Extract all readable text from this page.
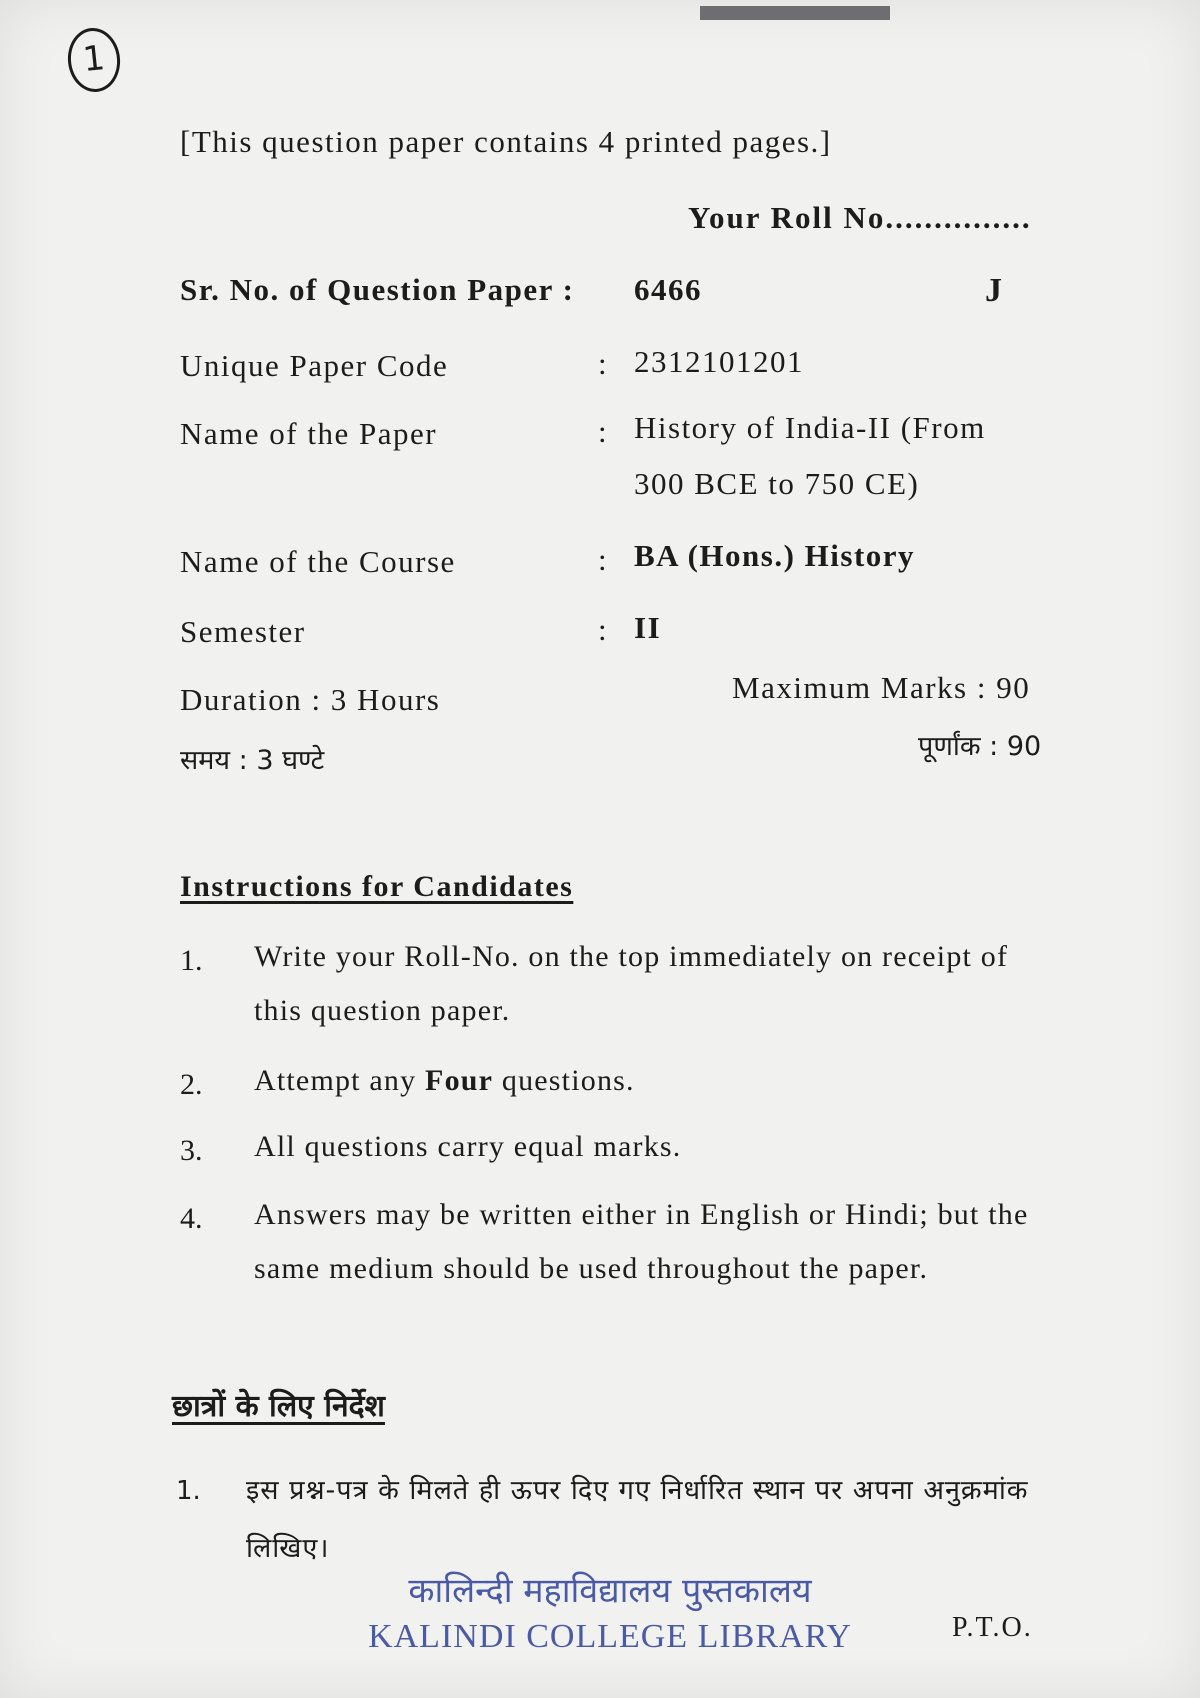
1
[This question paper contains 4 printed pages.]
Your Roll No...............
J
Sr. No. of Question Paper : 6466
Unique Paper Code	: 2312101201
Name of the Paper	: History of India-II (From
300 BCE to 750 CE)
Name of the Course	: BA (Hons.) History
Semester	: II
Duration : 3 Hours
समय : 3 घण्टे
Maximum Marks : 90
पूर्णांक : 90
Instructions for Candidates
1. Write your Roll-No. on the top immediately on receipt of this question paper.
2. Attempt any Four questions.
3. All questions carry equal marks.
4. Answers may be written either in English or Hindi; but the same medium should be used throughout the paper.
छात्रों के लिए निर्देश
1. इस प्रश्न-पत्र के मिलते ही ऊपर दिए गए निर्धारित स्थान पर अपना अनुक्रमांक लिखिए।
कालिन्दी महाविद्यालय पुस्तकालय
KALINDI COLLEGE LIBRARY	P.T.O.
